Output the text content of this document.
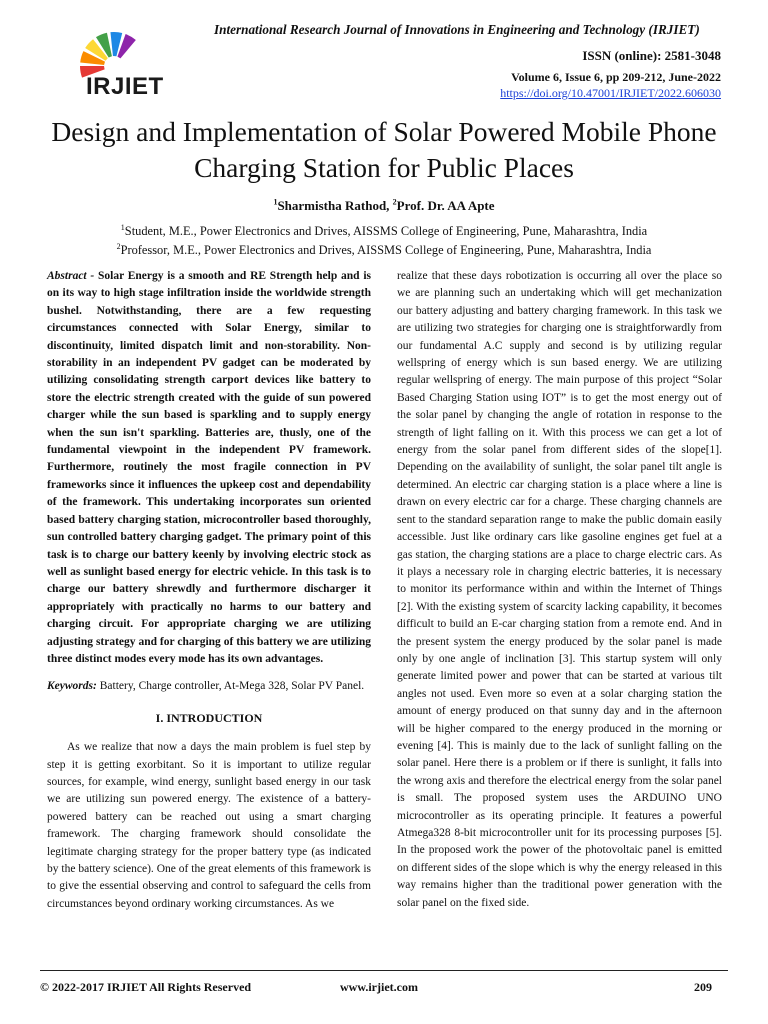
International Research Journal of Innovations in Engineering and Technology (IRJIET)
IRJIET
ISSN (online): 2581-3048
Volume 6, Issue 6, pp 209-212, June-2022
https://doi.org/10.47001/IRJIET/2022.606030
Design and Implementation of Solar Powered Mobile Phone Charging Station for Public Places
$^1$Sharmistha Rathod, $^2$Prof. Dr. AA Apte
$^1$Student, M.E., Power Electronics and Drives, AISSMS College of Engineering, Pune, Maharashtra, India
$^2$Professor, M.E., Power Electronics and Drives, AISSMS College of Engineering, Pune, Maharashtra, India

Abstract - Solar Energy is a smooth and RE Strength help and is on its way to high stage infiltration inside the worldwide strength bushel. Notwithstanding, there are a few requesting circumstances connected with Solar Energy, similar to discontinuity, limited dispatch limit and non-storability. Non-storability in an independent PV gadget can be moderated by utilizing consolidating strength carport devices like battery to store the electric strength created with the guide of sun powered charger while the sun based is sparkling and to supply energy when the sun isn't sparkling. Batteries are, thusly, one of the fundamental viewpoint in the independent PV framework. Furthermore, routinely the most fragile connection in PV frameworks since it influences the upkeep cost and dependability of the framework. This undertaking incorporates sun oriented based battery charging station, microcontroller based thoroughly, sun controlled battery charging gadget. The primary point of this task is to charge our battery keenly by involving electric stock as well as sunlight based energy for electric vehicle. In this task is to charge our battery shrewdly and furthermore discharger it appropriately with practically no harms to our battery and charging circuit. For appropriate charging we are utilizing adjusting strategy and for charging of this battery we are utilizing three distinct modes every mode has its own advantages.

Keywords: Battery, Charge controller, At-Mega 328, Solar PV Panel.

I. INTRODUCTION

As we realize that now a days the main problem is fuel step by step it is getting exorbitant. So it is important to utilize regular sources, for example, wind energy, sunlight based energy in our task we are utilizing sun powered energy. The existence of a battery-powered battery can be reached out using a smart charging framework. The charging framework should consolidate the legitimate charging strategy for the proper battery type (as indicated by the battery science). One of the great elements of this framework is to give the essential observing and control to safeguard the cells from circumstances beyond ordinary working circumstances. As we

realize that these days robotization is occurring all over the place so we are planning such an undertaking which will get mechanization our battery adjusting and battery charging framework. In this task we are utilizing two strategies for charging one is straightforwardly from our fundamental A.C supply and second is by utilizing regular wellspring of energy which is sun based energy. We are utilizing regular wellspring of energy. The main purpose of this project “Solar Based Charging Station using IOT” is to get the most energy out of the solar panel by changing the angle of rotation in response to the strength of light falling on it. With this process we can get a lot of energy from the solar panel from different sides of the slope[1]. Depending on the availability of sunlight, the solar panel tilt angle is determined. An electric car charging station is a place where a line is drawn on every electric car for a charge. These charging channels are sent to the standard separation range to make the public domain easily accessible. Just like ordinary cars like gasoline engines get fuel at a gas station, the charging stations are a place to charge electric cars. As it plays a necessary role in charging electric batteries, it is necessary to monitor its performance within and within the Internet of Things [2]. With the existing system of scarcity lacking capability, it becomes difficult to build an E-car charging station from a remote end. And in the present system the energy produced by the solar panel is made only by one angle of inclination [3]. This startup system will only generate limited power and power that can be started at various tilt angles not used. Even more so even at a solar charging station the amount of energy produced on that sunny day and in the afternoon will be higher compared to the energy produced in the morning or evening [4]. This is mainly due to the lack of sunlight falling on the solar panel. Here there is a problem or if there is sunlight, it falls into the wrong axis and therefore the electrical energy from the solar panel is small. The proposed system uses the ARDUINO UNO microcontroller as its operating principle. It features a powerful Atmega328 8-bit microcontroller unit for its processing purposes [5]. In the proposed work the power of the photovoltaic panel is emitted on different sides of the slope which is why the energy released in this way remains higher than the traditional power generation with the solar panel on the fixed side.

© 2022-2017 IRJIET All Rights Reserved	www.irjiet.com	209
